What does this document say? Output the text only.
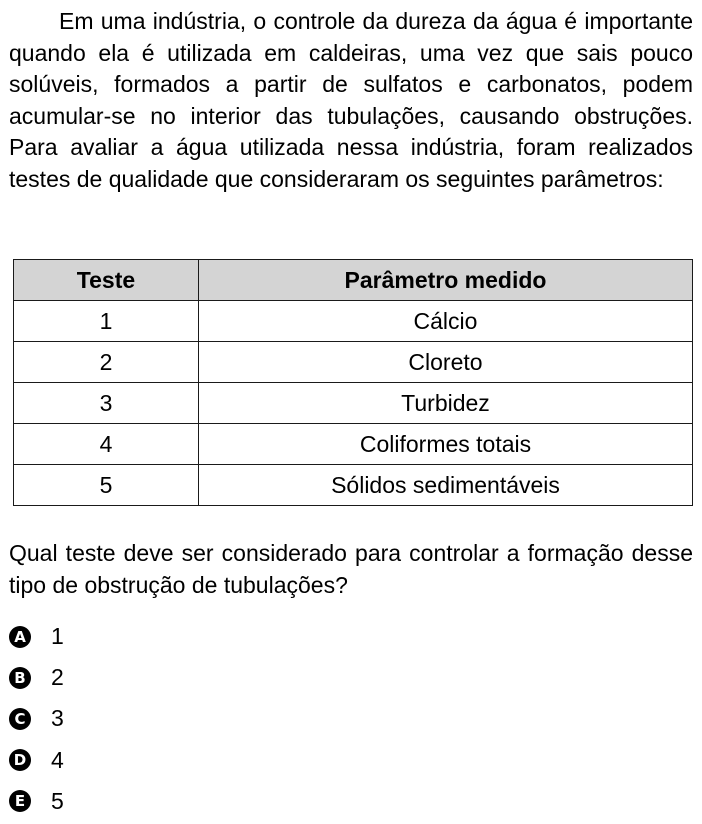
Em uma indústria, o controle da dureza da água é importante quando ela é utilizada em caldeiras, uma vez que sais pouco solúveis, formados a partir de sulfatos e carbonatos, podem acumular-se no interior das tubulações, causando obstruções. Para avaliar a água utilizada nessa indústria, foram realizados testes de qualidade que consideraram os seguintes parâmetros:

Teste	Parâmetro medido
1	Cálcio
2	Cloreto
3	Turbidez
4	Coliformes totais
5	Sólidos sedimentáveis

Qual teste deve ser considerado para controlar a formação desse tipo de obstrução de tubulações?

A 1
B 2
C 3
D 4
E 5
